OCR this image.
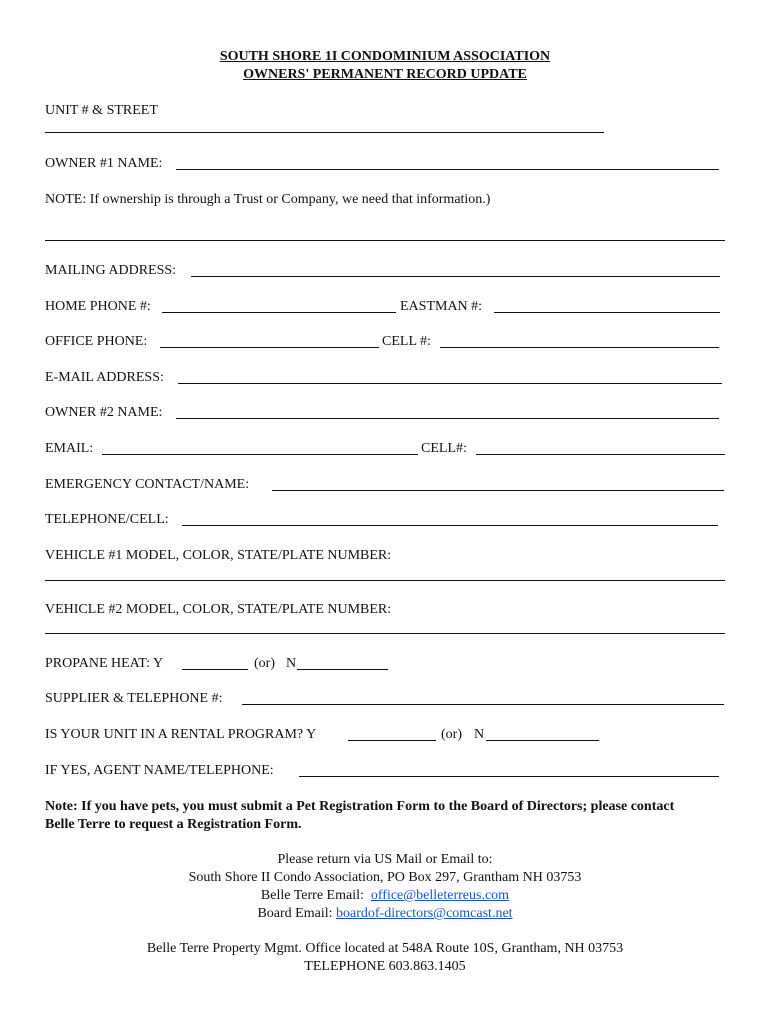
SOUTH SHORE 1I CONDOMINIUM ASSOCIATION
OWNERS' PERMANENT RECORD UPDATE
UNIT # & STREET
OWNER #1 NAME:
NOTE: If ownership is through a Trust or Company, we need that information.)
MAILING ADDRESS:
HOME PHONE #:	EASTMAN #:
OFFICE PHONE:	CELL #:
E-MAIL ADDRESS:
OWNER #2 NAME:
EMAIL:	CELL#:
EMERGENCY CONTACT/NAME:
TELEPHONE/CELL:
VEHICLE #1 MODEL, COLOR, STATE/PLATE NUMBER:
VEHICLE #2 MODEL, COLOR, STATE/PLATE NUMBER:
PROPANE HEAT: Y	(or) N
SUPPLIER & TELEPHONE #:
IS YOUR UNIT IN A RENTAL PROGRAM? Y	(or) N
IF YES, AGENT NAME/TELEPHONE:
Note: If you have pets, you must submit a Pet Registration Form to the Board of Directors; please contact
Belle Terre to request a Registration Form.
Please return via US Mail or Email to:
South Shore II Condo Association, PO Box 297, Grantham NH 03753
Belle Terre Email: office@belleterreus.com
Board Email: boardof-directors@comcast.net
Belle Terre Property Mgmt. Office located at 548A Route 10S, Grantham, NH 03753
TELEPHONE 603.863.1405
